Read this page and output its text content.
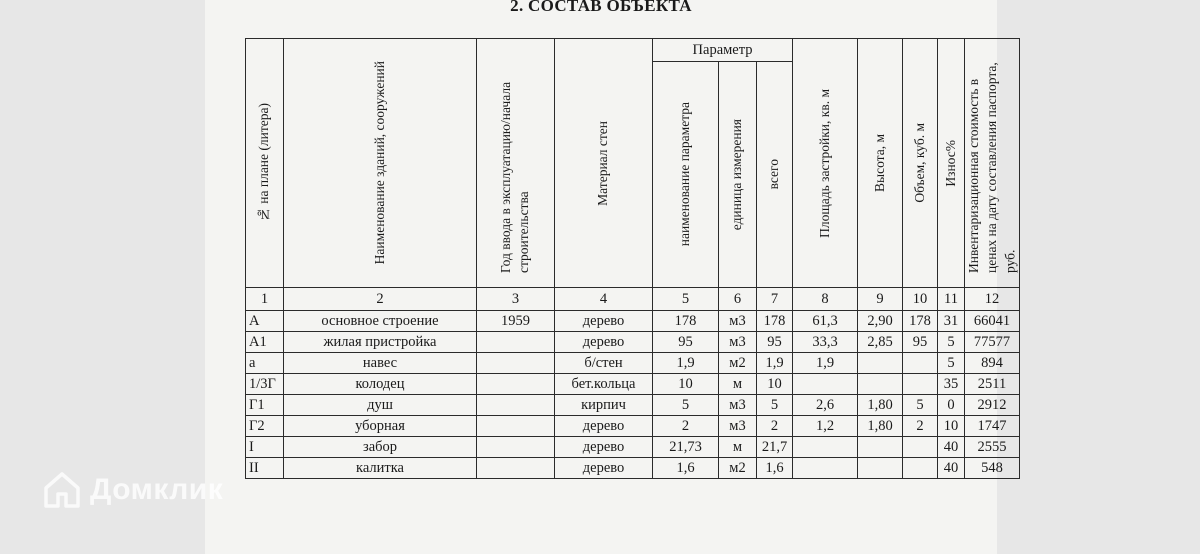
2. СОСТАВ ОБЪЕКТА
№ на плане (литера)	Наименование зданий, сооружений	Год ввода в эксплуатацию/начала строительства	Материал стен	Параметр			Площадь застройки, кв. м	Высота, м	Объем, куб. м	Износ%	Инвентаризационная стоимость в ценах на дату составления паспорта, руб.

				наименование параметра	единица измерения	всего					

1	2	3	4	5	6	7	8	9	10	11	12
А	основное строение	1959	дерево	178	м3	178	61,3	2,90	178	31	66041
А1	жилая пристройка		дерево	95	м3	95	33,3	2,85	95	5	77577
а	навес		б/стен	1,9	м2	1,9	1,9			5	894
1/3Г	колодец		бет.кольца	10	м	10				35	2511
Г1	душ		кирпич	5	м3	5	2,6	1,80	5	0	2912
Г2	уборная		дерево	2	м3	2	1,2	1,80	2	10	1747
I	забор		дерево	21,73	м	21,7				40	2555
II	калитка		дерево	1,6	м2	1,6				40	548
Домклик
